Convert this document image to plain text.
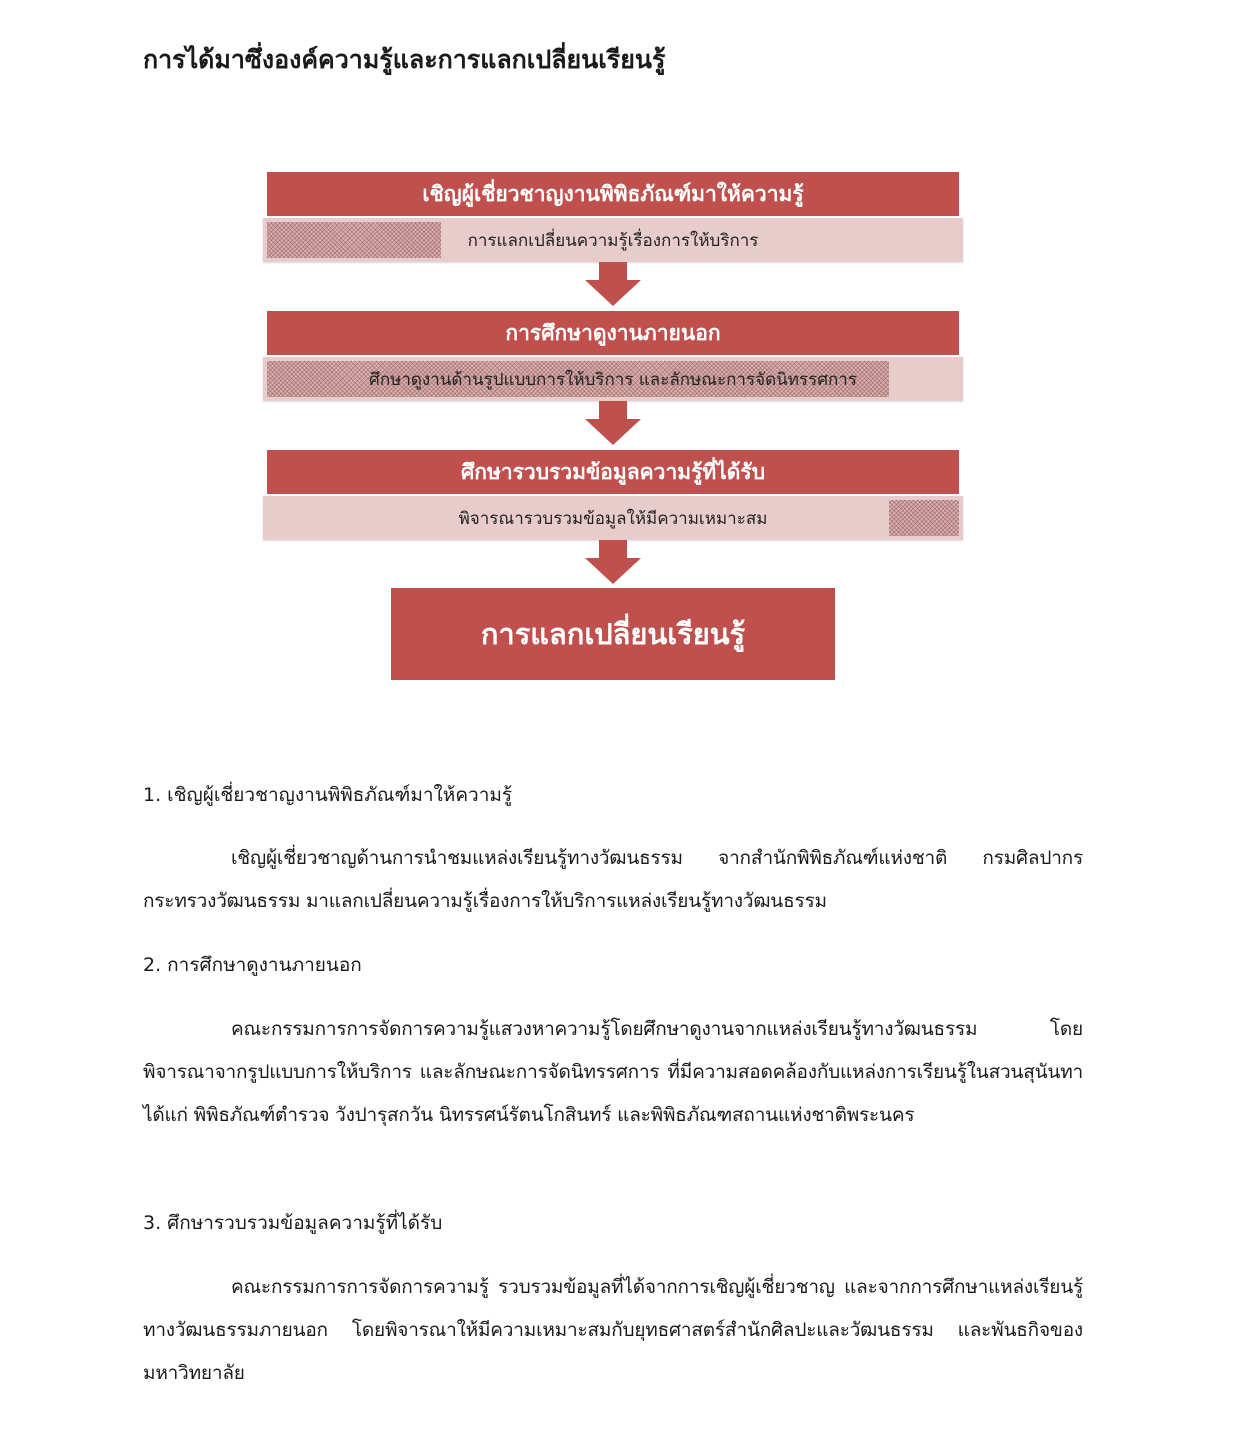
การได้มาซึ่งองค์ความรู้และการแลกเปลี่ยนเรียนรู้
เชิญผู้เชี่ยวชาญงานพิพิธภัณฑ์มาให้ความรู้
การแลกเปลี่ยนความรู้เรื่องการให้บริการ
การศึกษาดูงานภายนอก
ศึกษาดูงานด้านรูปแบบการให้บริการ และลักษณะการจัดนิทรรศการ
ศึกษารวบรวมข้อมูลความรู้ที่ได้รับ
พิจารณารวบรวมข้อมูลให้มีความเหมาะสม
การแลกเปลี่ยนเรียนรู้
1. เชิญผู้เชี่ยวชาญงานพิพิธภัณฑ์มาให้ความรู้
เชิญผู้เชี่ยวชาญด้านการนำชมแหล่งเรียนรู้ทางวัฒนธรรม จากสำนักพิพิธภัณฑ์แห่งชาติ กรมศิลปากร กระทรวงวัฒนธรรม มาแลกเปลี่ยนความรู้เรื่องการให้บริการแหล่งเรียนรู้ทางวัฒนธรรม
2. การศึกษาดูงานภายนอก
คณะกรรมการการจัดการความรู้แสวงหาความรู้โดยศึกษาดูงานจากแหล่งเรียนรู้ทางวัฒนธรรม โดยพิจารณาจากรูปแบบการให้บริการ และลักษณะการจัดนิทรรศการ ที่มีความสอดคล้องกับแหล่งการเรียนรู้ในสวนสุนันทา ได้แก่ พิพิธภัณฑ์ตำรวจ วังปารุสกวัน นิทรรศน์รัตนโกสินทร์ และพิพิธภัณฑสถานแห่งชาติพระนคร
3. ศึกษารวบรวมข้อมูลความรู้ที่ได้รับ
คณะกรรมการการจัดการความรู้ รวบรวมข้อมูลที่ได้จากการเชิญผู้เชี่ยวชาญ และจากการศึกษาแหล่งเรียนรู้ทางวัฒนธรรมภายนอก โดยพิจารณาให้มีความเหมาะสมกับยุทธศาสตร์สำนักศิลปะและวัฒนธรรม และพันธกิจของมหาวิทยาลัย
